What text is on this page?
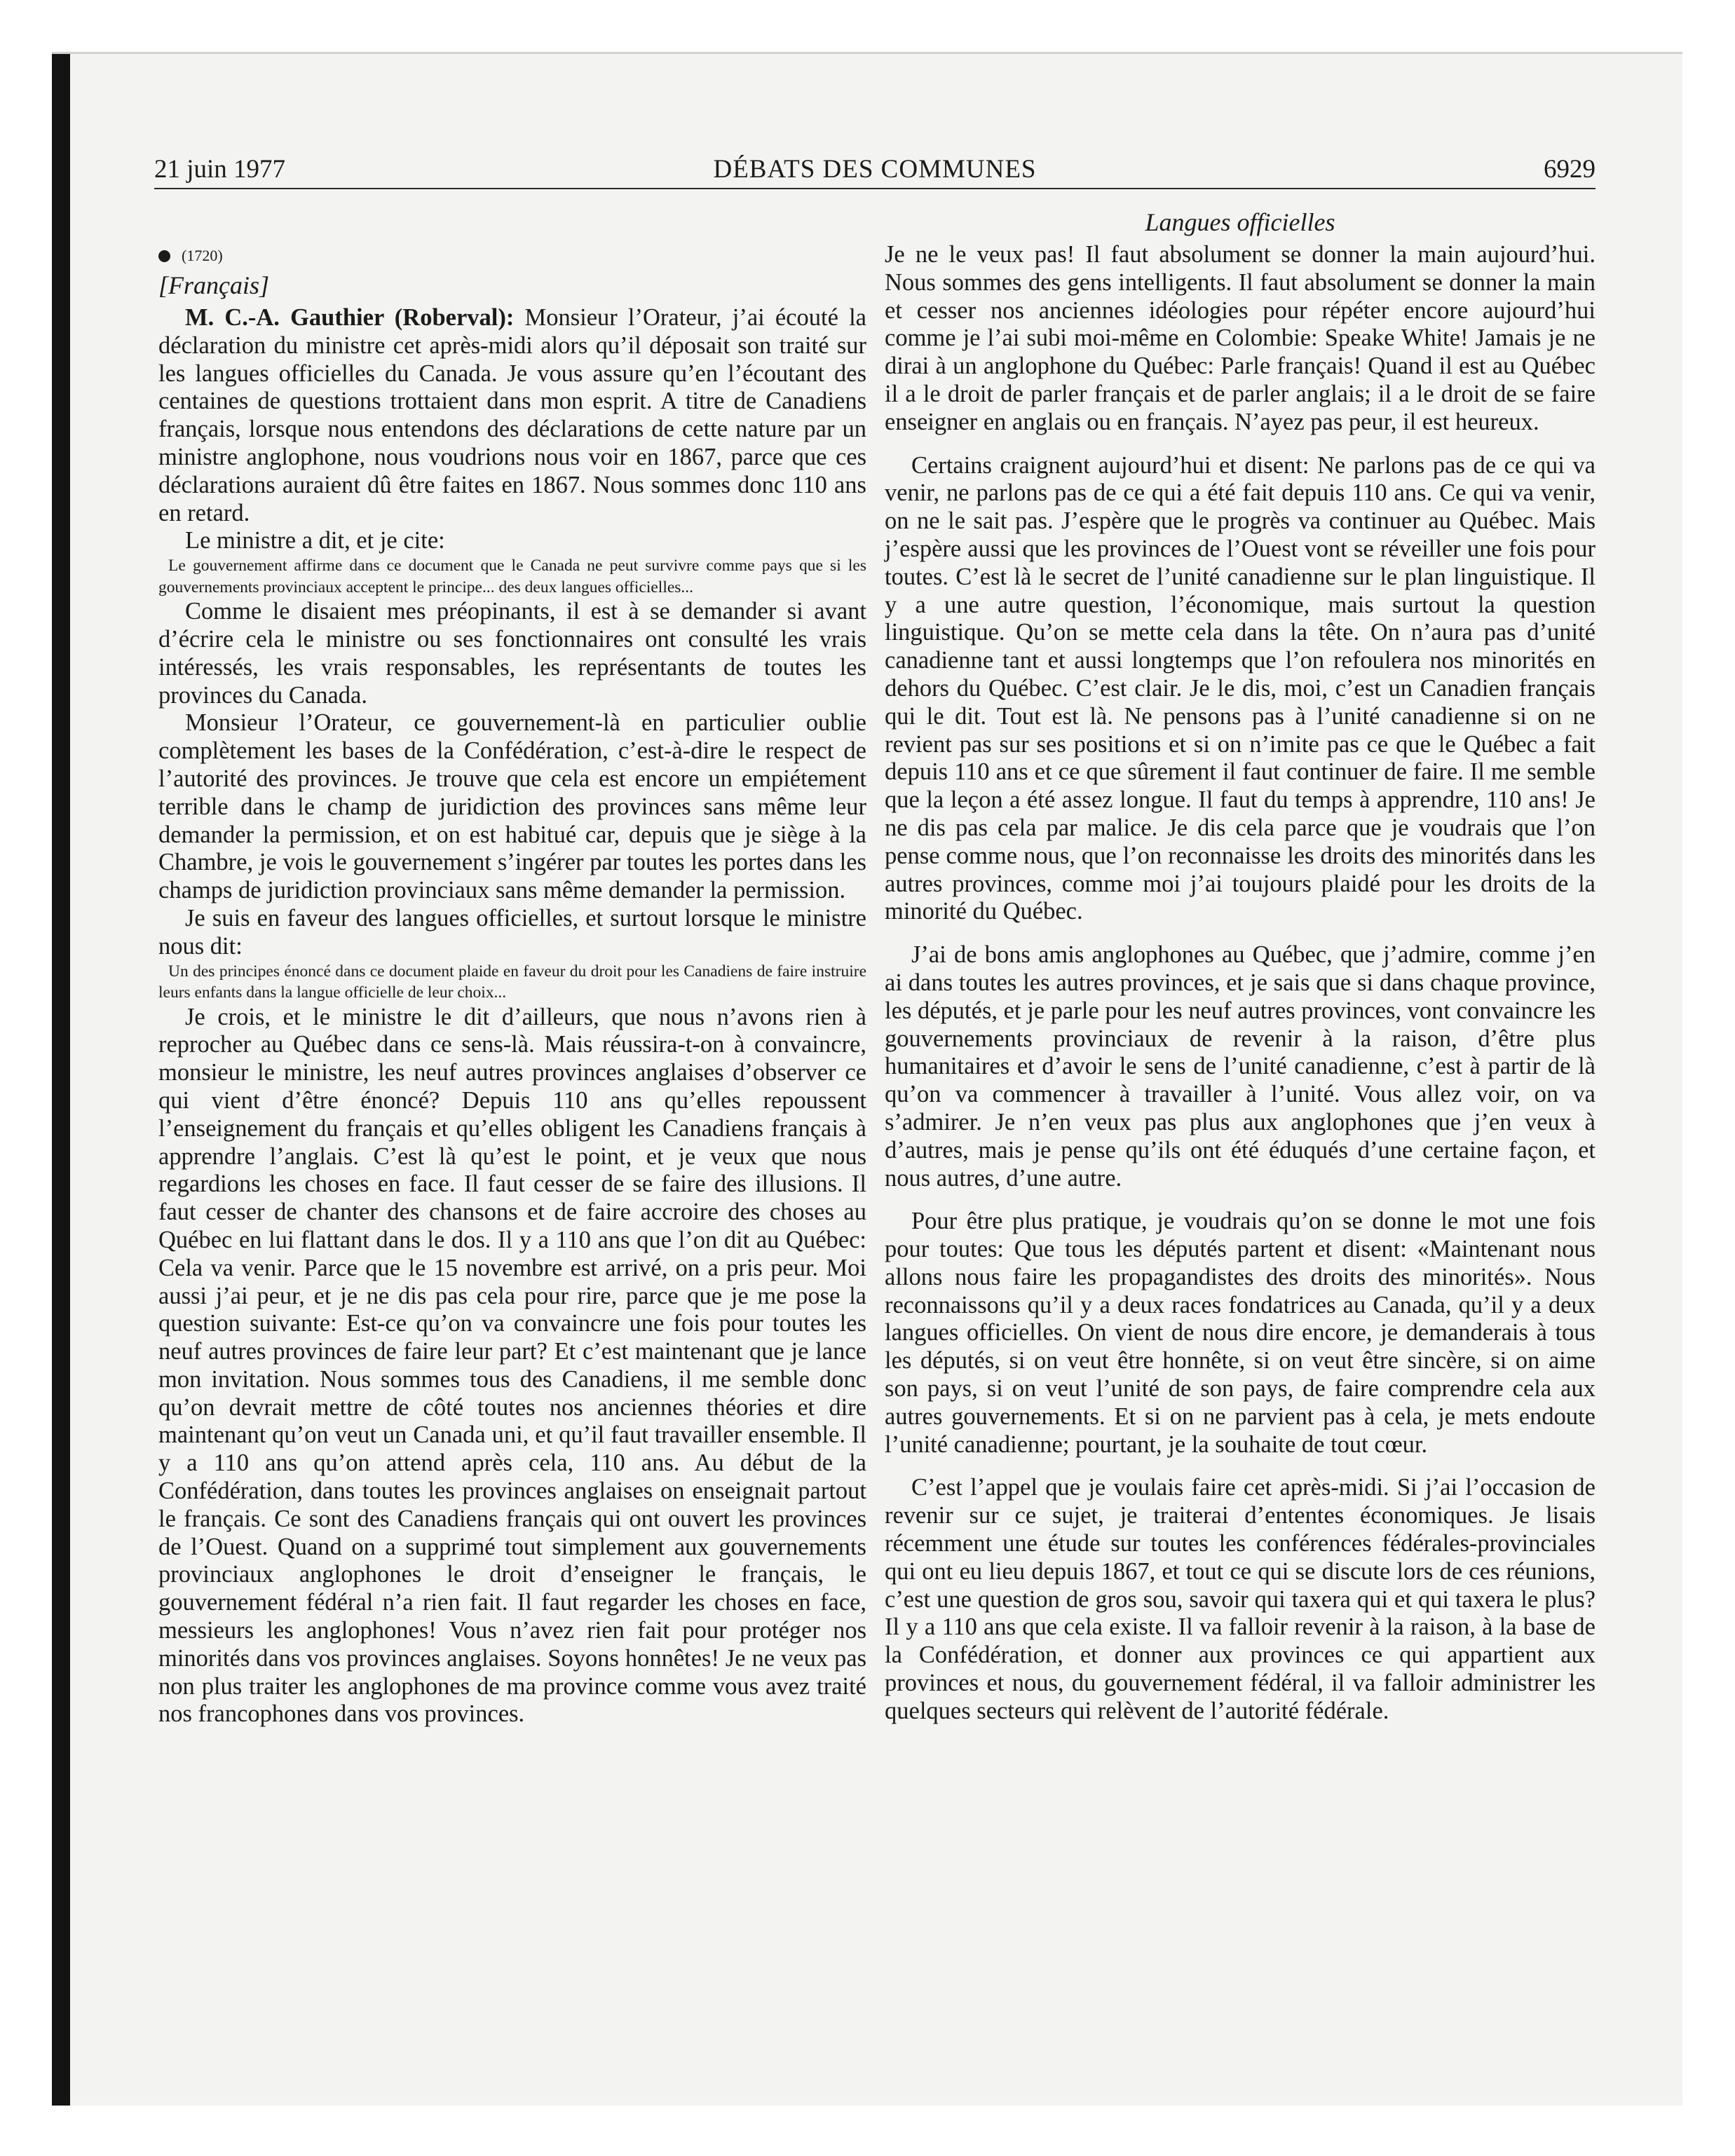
21 juin 1977	DÉBATS DES COMMUNES	6929
(1720)
[Français]

M. C.-A. Gauthier (Roberval): Monsieur l’Orateur, j’ai écouté la déclaration du ministre cet après-midi alors qu’il déposait son traité sur les langues officielles du Canada. Je vous assure qu’en l’écoutant des centaines de questions trottaient dans mon esprit. A titre de Canadiens français, lorsque nous entendons des déclarations de cette nature par un ministre anglophone, nous voudrions nous voir en 1867, parce que ces déclarations auraient dû être faites en 1867. Nous sommes donc 110 ans en retard.

Le ministre a dit, et je cite:

Le gouvernement affirme dans ce document que le Canada ne peut survivre comme pays que si les gouvernements provinciaux acceptent le principe... des deux langues officielles...

Comme le disaient mes préopinants, il est à se demander si avant d’écrire cela le ministre ou ses fonctionnaires ont consulté les vrais intéressés, les vrais responsables, les représentants de toutes les provinces du Canada.

Monsieur l’Orateur, ce gouvernement-là en particulier oublie complètement les bases de la Confédération, c’est-à-dire le respect de l’autorité des provinces. Je trouve que cela est encore un empiétement terrible dans le champ de juridiction des provinces sans même leur demander la permission, et on est habitué car, depuis que je siège à la Chambre, je vois le gouvernement s’ingérer par toutes les portes dans les champs de juridiction provinciaux sans même demander la permission.

Je suis en faveur des langues officielles, et surtout lorsque le ministre nous dit:

Un des principes énoncé dans ce document plaide en faveur du droit pour les Canadiens de faire instruire leurs enfants dans la langue officielle de leur choix...

Je crois, et le ministre le dit d’ailleurs, que nous n’avons rien à reprocher au Québec dans ce sens-là. Mais réussira-t-on à convaincre, monsieur le ministre, les neuf autres provinces anglaises d’observer ce qui vient d’être énoncé? Depuis 110 ans qu’elles repoussent l’enseignement du français et qu’elles obligent les Canadiens français à apprendre l’anglais. C’est là qu’est le point, et je veux que nous regardions les choses en face. Il faut cesser de se faire des illusions. Il faut cesser de chanter des chansons et de faire accroire des choses au Québec en lui flattant dans le dos. Il y a 110 ans que l’on dit au Québec: Cela va venir. Parce que le 15 novembre est arrivé, on a pris peur. Moi aussi j’ai peur, et je ne dis pas cela pour rire, parce que je me pose la question suivante: Est-ce qu’on va convaincre une fois pour toutes les neuf autres provinces de faire leur part? Et c’est maintenant que je lance mon invitation. Nous sommes tous des Canadiens, il me semble donc qu’on devrait mettre de côté toutes nos anciennes théories et dire maintenant qu’on veut un Canada uni, et qu’il faut travailler ensemble. Il y a 110 ans qu’on attend après cela, 110 ans. Au début de la Confédération, dans toutes les provinces anglaises on enseignait partout le français. Ce sont des Canadiens français qui ont ouvert les provinces de l’Ouest. Quand on a supprimé tout simplement aux gouvernements provinciaux anglophones le droit d’enseigner le français, le gouvernement fédéral n’a rien fait. Il faut regarder les choses en face, messieurs les anglophones! Vous n’avez rien fait pour protéger nos minorités dans vos provinces anglaises. Soyons honnêtes! Je ne veux pas non plus traiter les anglophones de ma province comme vous avez traité nos francophones dans vos provinces.

Langues officielles

Je ne le veux pas! Il faut absolument se donner la main aujourd’hui. Nous sommes des gens intelligents. Il faut absolument se donner la main et cesser nos anciennes idéologies pour répéter encore aujourd’hui comme je l’ai subi moi-même en Colombie: Speake White! Jamais je ne dirai à un anglophone du Québec: Parle français! Quand il est au Québec il a le droit de parler français et de parler anglais; il a le droit de se faire enseigner en anglais ou en français. N’ayez pas peur, il est heureux.

Certains craignent aujourd’hui et disent: Ne parlons pas de ce qui va venir, ne parlons pas de ce qui a été fait depuis 110 ans. Ce qui va venir, on ne le sait pas. J’espère que le progrès va continuer au Québec. Mais j’espère aussi que les provinces de l’Ouest vont se réveiller une fois pour toutes. C’est là le secret de l’unité canadienne sur le plan linguistique. Il y a une autre question, l’économique, mais surtout la question linguistique. Qu’on se mette cela dans la tête. On n’aura pas d’unité canadienne tant et aussi longtemps que l’on refoulera nos minorités en dehors du Québec. C’est clair. Je le dis, moi, c’est un Canadien français qui le dit. Tout est là. Ne pensons pas à l’unité canadienne si on ne revient pas sur ses positions et si on n’imite pas ce que le Québec a fait depuis 110 ans et ce que sûrement il faut continuer de faire. Il me semble que la leçon a été assez longue. Il faut du temps à apprendre, 110 ans! Je ne dis pas cela par malice. Je dis cela parce que je voudrais que l’on pense comme nous, que l’on reconnaisse les droits des minorités dans les autres provinces, comme moi j’ai toujours plaidé pour les droits de la minorité du Québec.

J’ai de bons amis anglophones au Québec, que j’admire, comme j’en ai dans toutes les autres provinces, et je sais que si dans chaque province, les députés, et je parle pour les neuf autres provinces, vont convaincre les gouvernements provinciaux de revenir à la raison, d’être plus humanitaires et d’avoir le sens de l’unité canadienne, c’est à partir de là qu’on va commencer à travailler à l’unité. Vous allez voir, on va s’admirer. Je n’en veux pas plus aux anglophones que j’en veux à d’autres, mais je pense qu’ils ont été éduqués d’une certaine façon, et nous autres, d’une autre.

Pour être plus pratique, je voudrais qu’on se donne le mot une fois pour toutes: Que tous les députés partent et disent: «Maintenant nous allons nous faire les propagandistes des droits des minorités». Nous reconnaissons qu’il y a deux races fondatrices au Canada, qu’il y a deux langues officielles. On vient de nous dire encore, je demanderais à tous les députés, si on veut être honnête, si on veut être sincère, si on aime son pays, si on veut l’unité de son pays, de faire comprendre cela aux autres gouvernements. Et si on ne parvient pas à cela, je mets endoute l’unité canadienne; pourtant, je la souhaite de tout cœur.

C’est l’appel que je voulais faire cet après-midi. Si j’ai l’occasion de revenir sur ce sujet, je traiterai d’ententes économiques. Je lisais récemment une étude sur toutes les conférences fédérales-provinciales qui ont eu lieu depuis 1867, et tout ce qui se discute lors de ces réunions, c’est une question de gros sou, savoir qui taxera qui et qui taxera le plus? Il y a 110 ans que cela existe. Il va falloir revenir à la raison, à la base de la Confédération, et donner aux provinces ce qui appartient aux provinces et nous, du gouvernement fédéral, il va falloir administrer les quelques secteurs qui relèvent de l’autorité fédérale.
